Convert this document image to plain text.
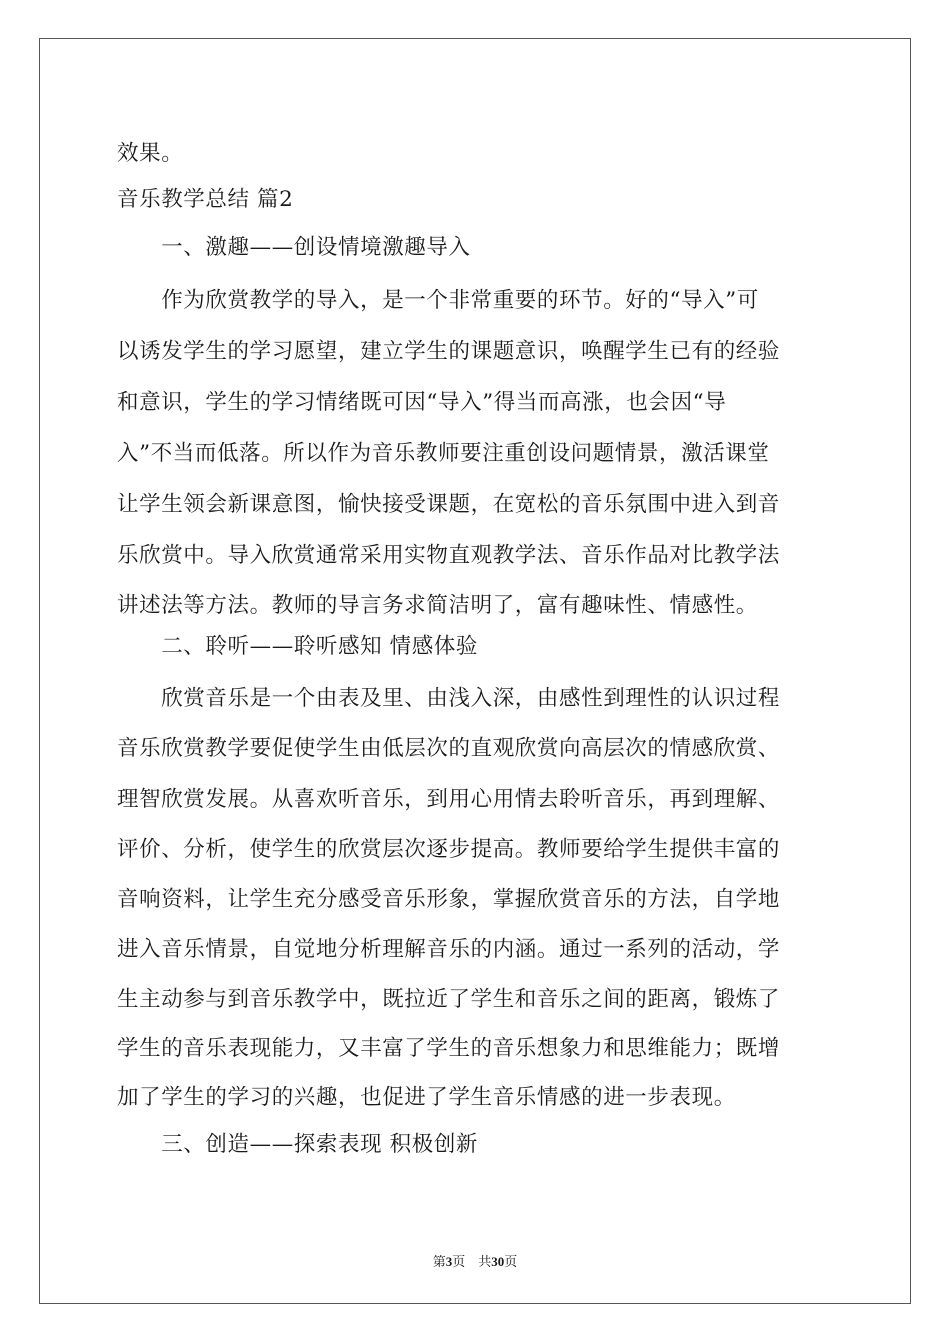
效果。
音乐教学总结 篇2
　　一、激趣——创设情境激趣导入
　　作为欣赏教学的导入，是一个非常重要的环节。好的“导入”可
以诱发学生的学习愿望，建立学生的课题意识，唤醒学生已有的经验
和意识，学生的学习情绪既可因“导入”得当而高涨，也会因“导
入”不当而低落。所以作为音乐教师要注重创设问题情景，激活课堂
让学生领会新课意图，愉快接受课题，在宽松的音乐氛围中进入到音
乐欣赏中。导入欣赏通常采用实物直观教学法、音乐作品对比教学法
讲述法等方法。教师的导言务求简洁明了，富有趣味性、情感性。
　　二、聆听——聆听感知 情感体验
　　欣赏音乐是一个由表及里、由浅入深，由感性到理性的认识过程
音乐欣赏教学要促使学生由低层次的直观欣赏向高层次的情感欣赏、
理智欣赏发展。从喜欢听音乐，到用心用情去聆听音乐，再到理解、
评价、分析，使学生的欣赏层次逐步提高。教师要给学生提供丰富的
音响资料，让学生充分感受音乐形象，掌握欣赏音乐的方法，自学地
进入音乐情景，自觉地分析理解音乐的内涵。通过一系列的活动，学
生主动参与到音乐教学中，既拉近了学生和音乐之间的距离，锻炼了
学生的音乐表现能力，又丰富了学生的音乐想象力和思维能力；既增
加了学生的学习的兴趣，也促进了学生音乐情感的进一步表现。
　　三、创造——探索表现 积极创新
第3页　共30页
